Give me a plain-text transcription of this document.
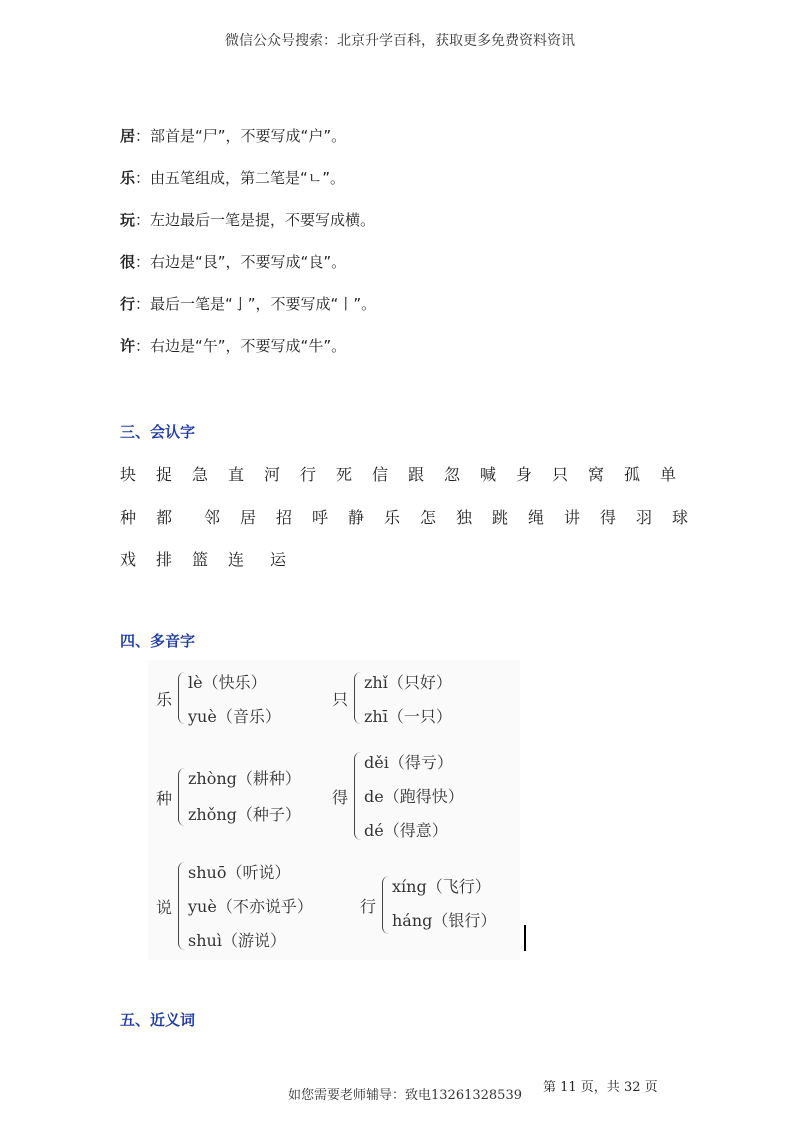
微信公众号搜索：北京升学百科，获取更多免费资料资讯
居：部首是“尸”，不要写成“户”。
乐：由五笔组成，第二笔是“ㄴ”。
玩：左边最后一笔是提，不要写成横。
很：右边是“艮”，不要写成“良”。
行：最后一笔是“亅”，不要写成“丨”。
许：右边是“午”，不要写成“牛”。
三、会认字
块 捉 急 直 河 行 死 信 跟 忽 喊 身 只 窝 孤 单
种 都 邻 居 招 呼 静 乐 怎 独 跳 绳 讲 得 羽 球
戏 排 篮 连 运
四、多音字
乐
lè（快乐）
yuè（音乐）
只
zhǐ（只好）
zhī（一只）
种
zhòng（耕种）
zhǒng（种子）
得
děi（得亏）
de（跑得快）
dé（得意）
说
shuō（听说）
yuè（不亦说乎）
shuì（游说）
行
xíng（飞行）
háng（银行）
五、近义词
如您需要老师辅导：致电13261328539
第 11 页，共 32 页
